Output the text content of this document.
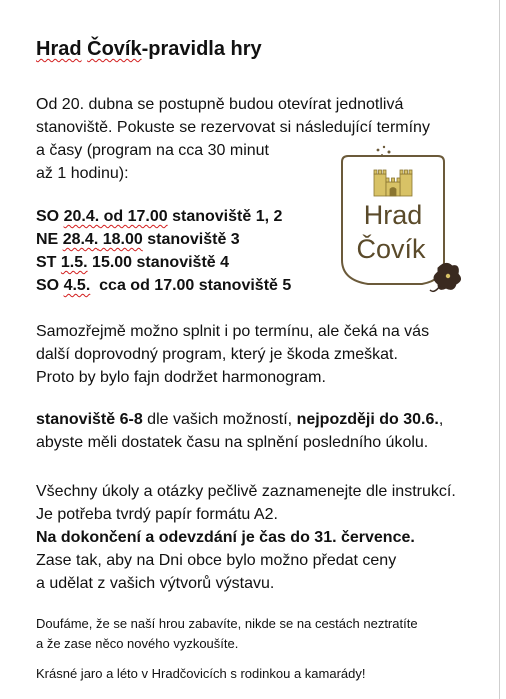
Hrad Čovík-pravidla hry

Od 20. dubna se postupně budou otevírat jednotlivá
stanoviště. Pokuste se rezervovat si následující termíny
a časy (program na cca 30 minut
až 1 hodinu):

SO 20.4. od 17.00 stanoviště 1, 2
NE 28.4. 18.00 stanoviště 3
ST 1.5. 15.00 stanoviště 4
SO 4.5.  cca od 17.00 stanoviště 5

Samozřejmě možno splnit i po termínu, ale čeká na vás
další doprovodný program, který je škoda zmeškat.
Proto by bylo fajn dodržet harmonogram.

stanoviště 6-8 dle vašich možností, nejpozději do 30.6.,
abyste měli dostatek času na splnění posledního úkolu.

Všechny úkoly a otázky pečlivě zaznamenejte dle instrukcí.
Je potřeba tvrdý papír formátu A2.
Na dokončení a odevzdání je čas do 31. července.
Zase tak, aby na Dni obce bylo možno předat ceny
a udělat z vašich výtvorů výstavu.

Doufáme, že se naší hrou zabavíte, nikde se na cestách neztratíte
a že zase něco nového vyzkoušíte.

Krásné jaro a léto v Hradčovicích s rodinkou a kamarády!

Hrad
Čovík
